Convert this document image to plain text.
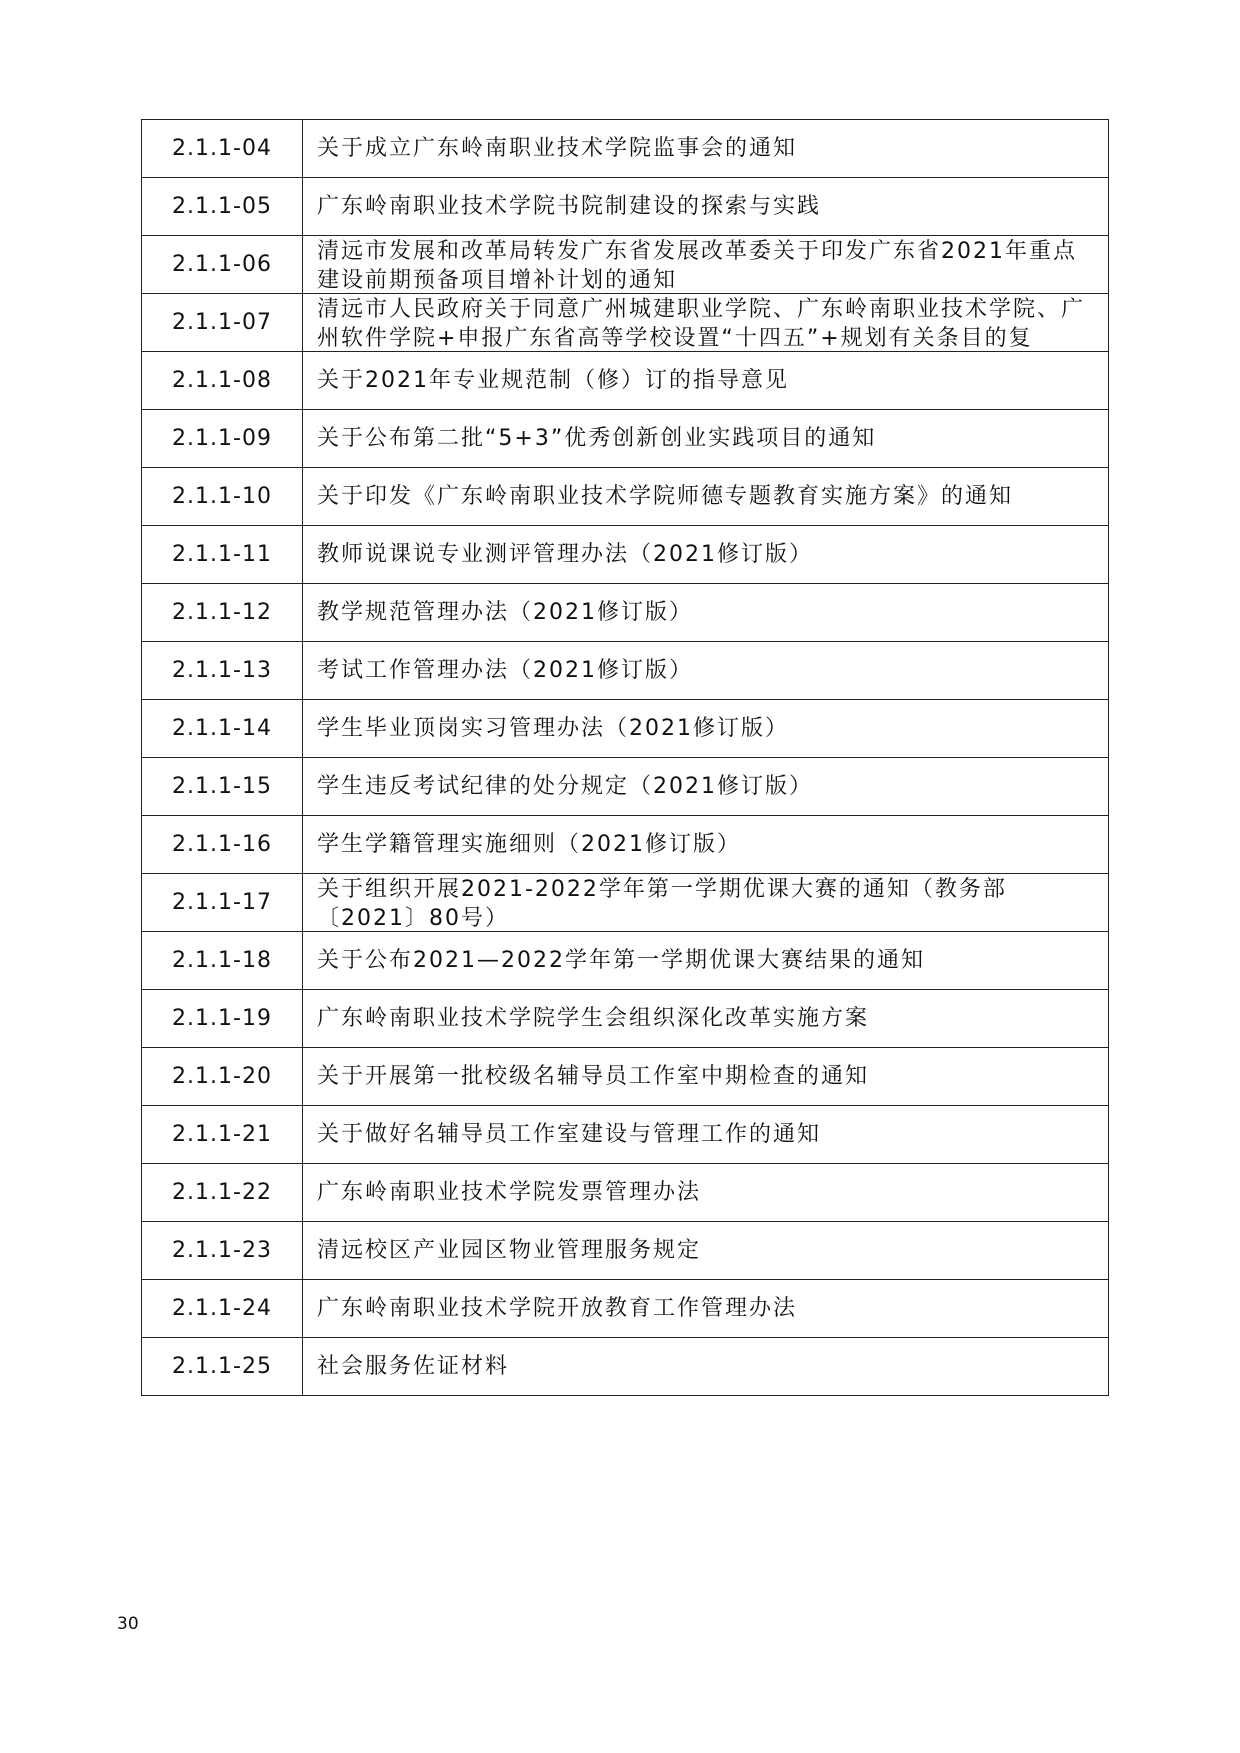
2.1.1-04	关于成立广东岭南职业技术学院监事会的通知

2.1.1-05	广东岭南职业技术学院书院制建设的探索与实践

2.1.1-06	清远市发展和改革局转发广东省发展改革委关于印发广东省2021年重点建设前期预备项目增补计划的通知

2.1.1-07	清远市人民政府关于同意广州城建职业学院、广东岭南职业技术学院、广州软件学院+申报广东省高等学校设置“十四五”+规划有关条目的复

2.1.1-08	关于2021年专业规范制（修）订的指导意见

2.1.1-09	关于公布第二批“5+3”优秀创新创业实践项目的通知

2.1.1-10	关于印发《广东岭南职业技术学院师德专题教育实施方案》的通知

2.1.1-11	教师说课说专业测评管理办法（2021修订版）

2.1.1-12	教学规范管理办法（2021修订版）

2.1.1-13	考试工作管理办法（2021修订版）

2.1.1-14	学生毕业顶岗实习管理办法（2021修订版）

2.1.1-15	学生违反考试纪律的处分规定（2021修订版）

2.1.1-16	学生学籍管理实施细则（2021修订版）

2.1.1-17	关于组织开展2021-2022学年第一学期优课大赛的通知（教务部〔2021〕80号）

2.1.1-18	关于公布2021—2022学年第一学期优课大赛结果的通知

2.1.1-19	广东岭南职业技术学院学生会组织深化改革实施方案

2.1.1-20	关于开展第一批校级名辅导员工作室中期检查的通知

2.1.1-21	关于做好名辅导员工作室建设与管理工作的通知

2.1.1-22	广东岭南职业技术学院发票管理办法

2.1.1-23	清远校区产业园区物业管理服务规定

2.1.1-24	广东岭南职业技术学院开放教育工作管理办法

2.1.1-25	社会服务佐证材料
30
